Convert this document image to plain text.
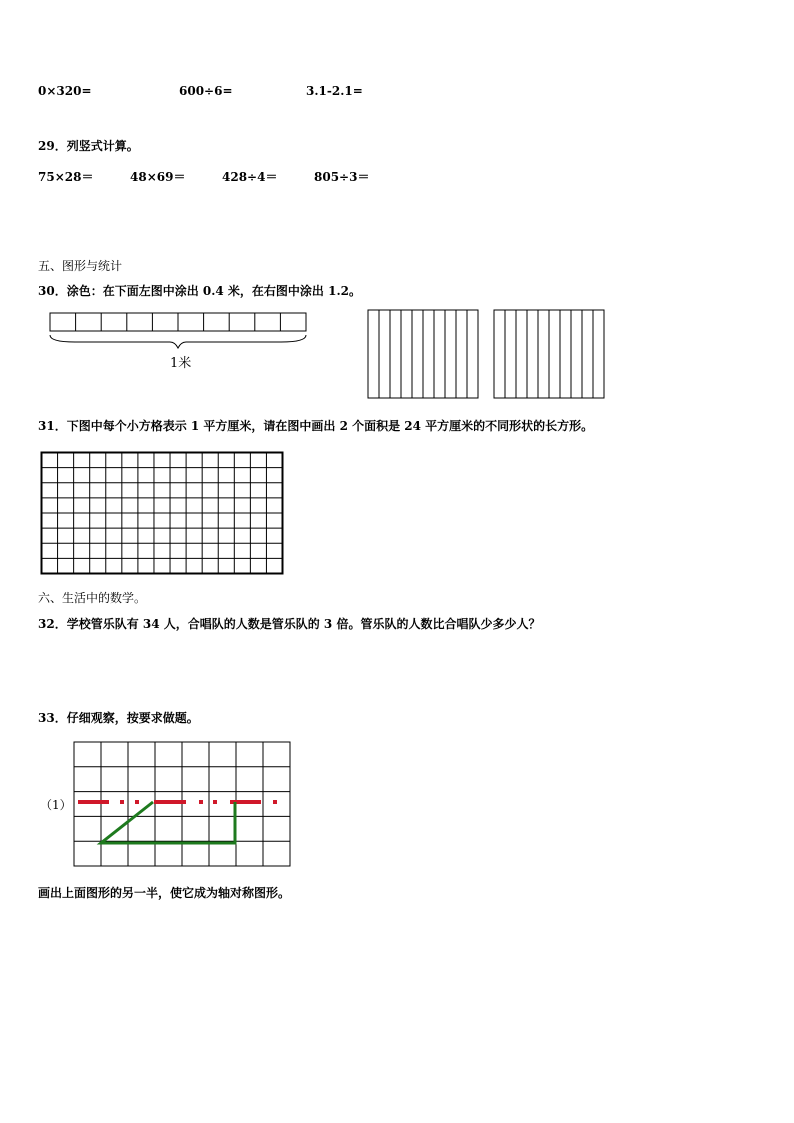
0×320=	600÷6=	3.1-2.1=
29．列竖式计算。
75×28＝	48×69＝	428÷4＝	805÷3＝
五、图形与统计
30．涂色：在下面左图中涂出 0.4 米，在右图中涂出 1.2。
1米
31．下图中每个小方格表示 1 平方厘米，请在图中画出 2 个面积是 24 平方厘米的不同形状的长方形。
六、生活中的数学。
32．学校管乐队有 34 人，合唱队的人数是管乐队的 3 倍。管乐队的人数比合唱队少多少人？
33．仔细观察，按要求做题。
（1）
画出上面图形的另一半，使它成为轴对称图形。
